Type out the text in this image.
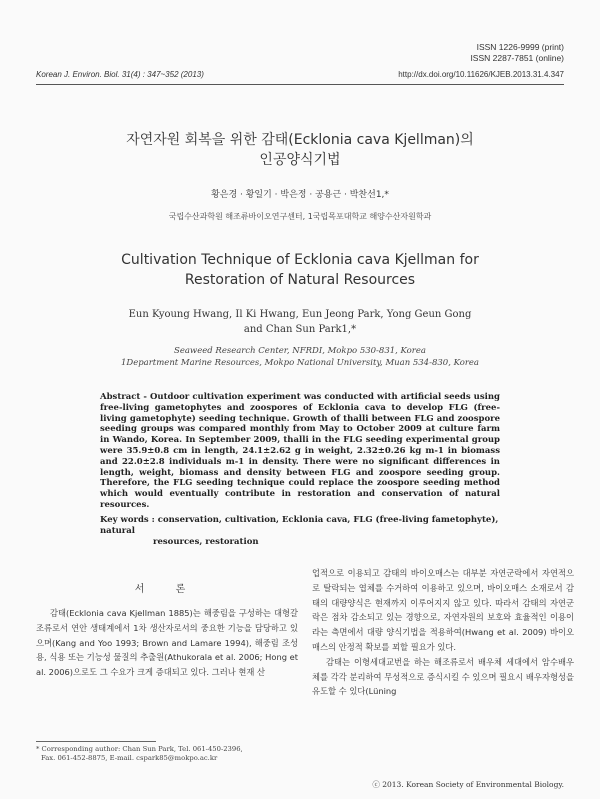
ISSN 1226-9999 (print)
ISSN 2287-7851 (online)
Korean J. Environ. Biol. 31(4) : 347~352 (2013)	http://dx.doi.org/10.11626/KJEB.2013.31.4.347
자연자원 회복을 위한 감태(Ecklonia cava Kjellman)의
인공양식기법
황은경 · 황일기 · 박은정 · 공용근 · 박찬선1,*
국립수산과학원 해조류바이오연구센터, 1국립목포대학교 해양수산자원학과
Cultivation Technique of Ecklonia cava Kjellman for
Restoration of Natural Resources
Eun Kyoung Hwang, Il Ki Hwang, Eun Jeong Park, Yong Geun Gong
and Chan Sun Park1,*
Seaweed Research Center, NFRDI, Mokpo 530-831, Korea
1Department Marine Resources, Mokpo National University, Muan 534-830, Korea
Abstract - Outdoor cultivation experiment was conducted with artificial seeds using free-living gametophytes and zoospores of Ecklonia cava to develop FLG (free-living gametophyte) seeding technique. Growth of thalli between FLG and zoospore seeding groups was compared monthly from May to October 2009 at culture farm in Wando, Korea. In September 2009, thalli in the FLG seeding experimental group were 35.9±0.8 cm in length, 24.1±2.62 g in weight, 2.32±0.26 kg m-1 in biomass and 22.0±2.8 individuals m-1 in density. There were no significant differences in length, weight, biomass and density between FLG and zoospore seeding group. Therefore, the FLG seeding technique could replace the zoospore seeding method which would eventually contribute in restoration and conservation of natural resources.
Key words : conservation, cultivation, Ecklonia cava, FLG (free-living fametophyte), natural
resources, restoration
서 론

감태(Ecklonia cava Kjellman 1885)는 해중림을 구성하는 대형갈조류로서 연안 생태계에서 1차 생산자로서의 중요한 기능을 담당하고 있으며(Kang and Yoo 1993; Brown and Lamare 1994), 해중림 조성용, 식용 또는 기능성 물질의 추출원(Athukorala et al. 2006; Hong et al. 2006)으로도 그 수요가 크게 증대되고 있다. 그러나 현재 산

업적으로 이용되고 감태의 바이오매스는 대부분 자연군락에서 자연적으로 탈락되는 엽체를 수거하여 이용하고 있으며, 바이오매스 소재로서 감태의 대량양식은 현재까지 이루어지지 않고 있다. 따라서 감태의 자연군락은 점차 감소되고 있는 경향으로, 자연자원의 보호와 효율적인 이용이라는 측면에서 대량 양식기법을 적용하여(Hwang et al. 2009) 바이오매스의 안정적 확보를 꾀할 필요가 있다.

감태는 이형세대교번을 하는 해조류로서 배우체 세대에서 암수배우체를 각각 분리하여 무성적으로 증식시킬 수 있으며 필요시 배우자형성을 유도할 수 있다(Lüning

* Corresponding author: Chan Sun Park, Tel. 061-450-2396,
Fax. 061-452-8875, E-mail. cspark85@mokpo.ac.kr
ⓒ 2013. Korean Society of Environmental Biology.
